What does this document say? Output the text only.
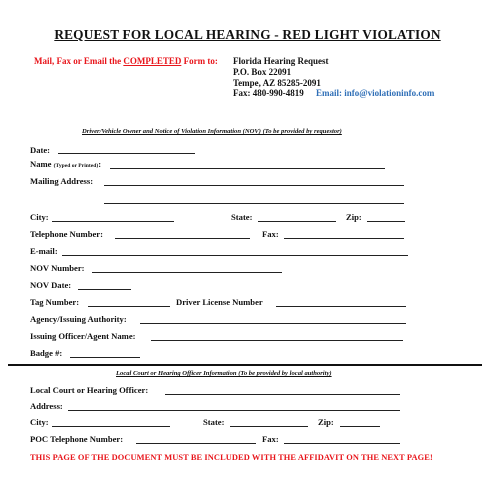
REQUEST FOR LOCAL HEARING - RED LIGHT VIOLATION
Mail, Fax or Email the COMPLETED Form to: Florida Hearing Request
P.O. Box 22091
Tempe, AZ 85285-2091
Fax: 480-990-4819 Email: info@violationinfo.com
Driver/Vehicle Owner and Notice of Violation Information (NOV) (To be provided by requestor)
Date:
Name (Typed or Printed):
Mailing Address:
City:	State:	Zip:
Telephone Number:	Fax:
E-mail:
NOV Number:
NOV Date:
Tag Number:	Driver License Number
Agency/Issuing Authority:
Issuing Officer/Agent Name:
Badge #:
Local Court or Hearing Officer Information (To be provided by local authority)
Local Court or Hearing Officer:
Address:
City:	State:	Zip:
POC Telephone Number:	Fax:
THIS PAGE OF THE DOCUMENT MUST BE INCLUDED WITH THE AFFIDAVIT ON THE NEXT PAGE!
